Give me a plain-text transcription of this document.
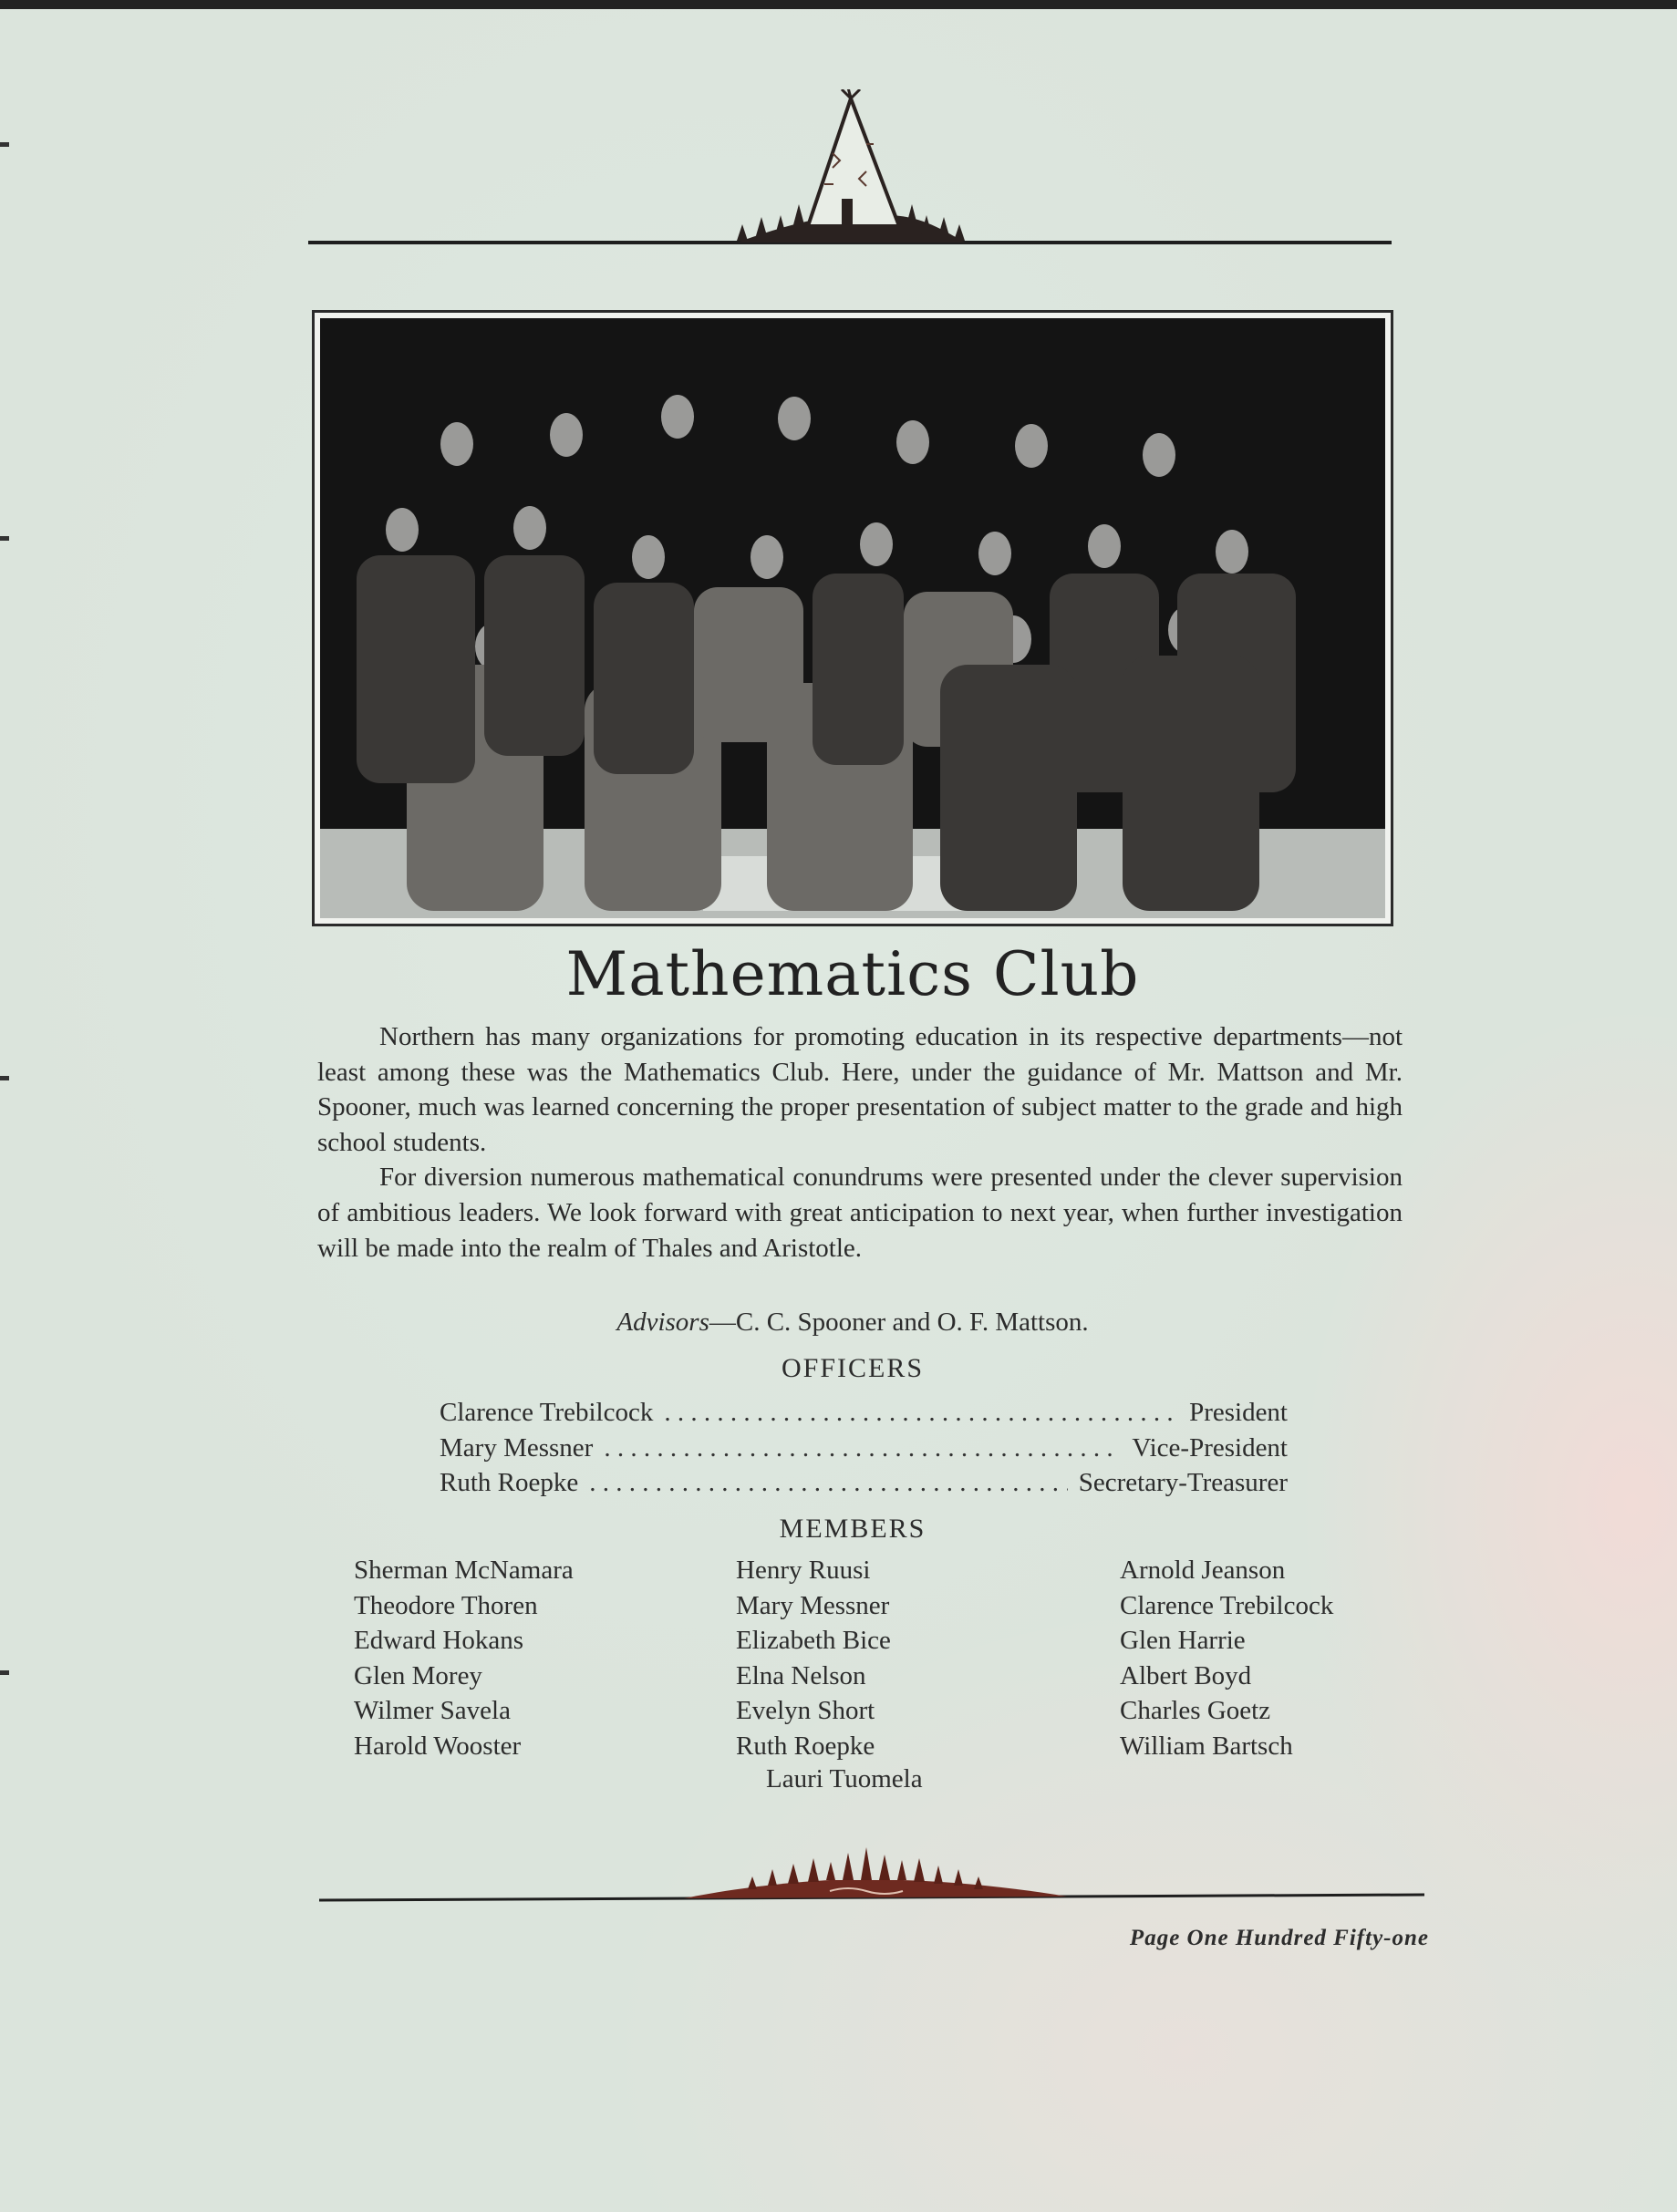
Mathematics Club

Northern has many organizations for promoting education in its respective departments—not least among these was the Mathematics Club. Here, under the guidance of Mr. Mattson and Mr. Spooner, much was learned concerning the proper presentation of subject matter to the grade and high school students.

For diversion numerous mathematical conundrums were presented under the clever supervision of ambitious leaders. We look forward with great anticipation to next year, when further investigation will be made into the realm of Thales and Aristotle.

Advisors—C. C. Spooner and O. F. Mattson.
OFFICERS
Clarence Trebilcock . . .	President
Mary Messner . . .	Vice-President
Ruth Roepke . . .	Secretary-Treasurer
MEMBERS
Sherman McNamara
Theodore Thoren
Edward Hokans
Glen Morey
Wilmer Savela
Harold Wooster
Henry Ruusi
Mary Messner
Elizabeth Bice
Elna Nelson
Evelyn Short
Ruth Roepke
Arnold Jeanson
Clarence Trebilcock
Glen Harrie
Albert Boyd
Charles Goetz
William Bartsch
Lauri Tuomela
Page One Hundred Fifty-one
